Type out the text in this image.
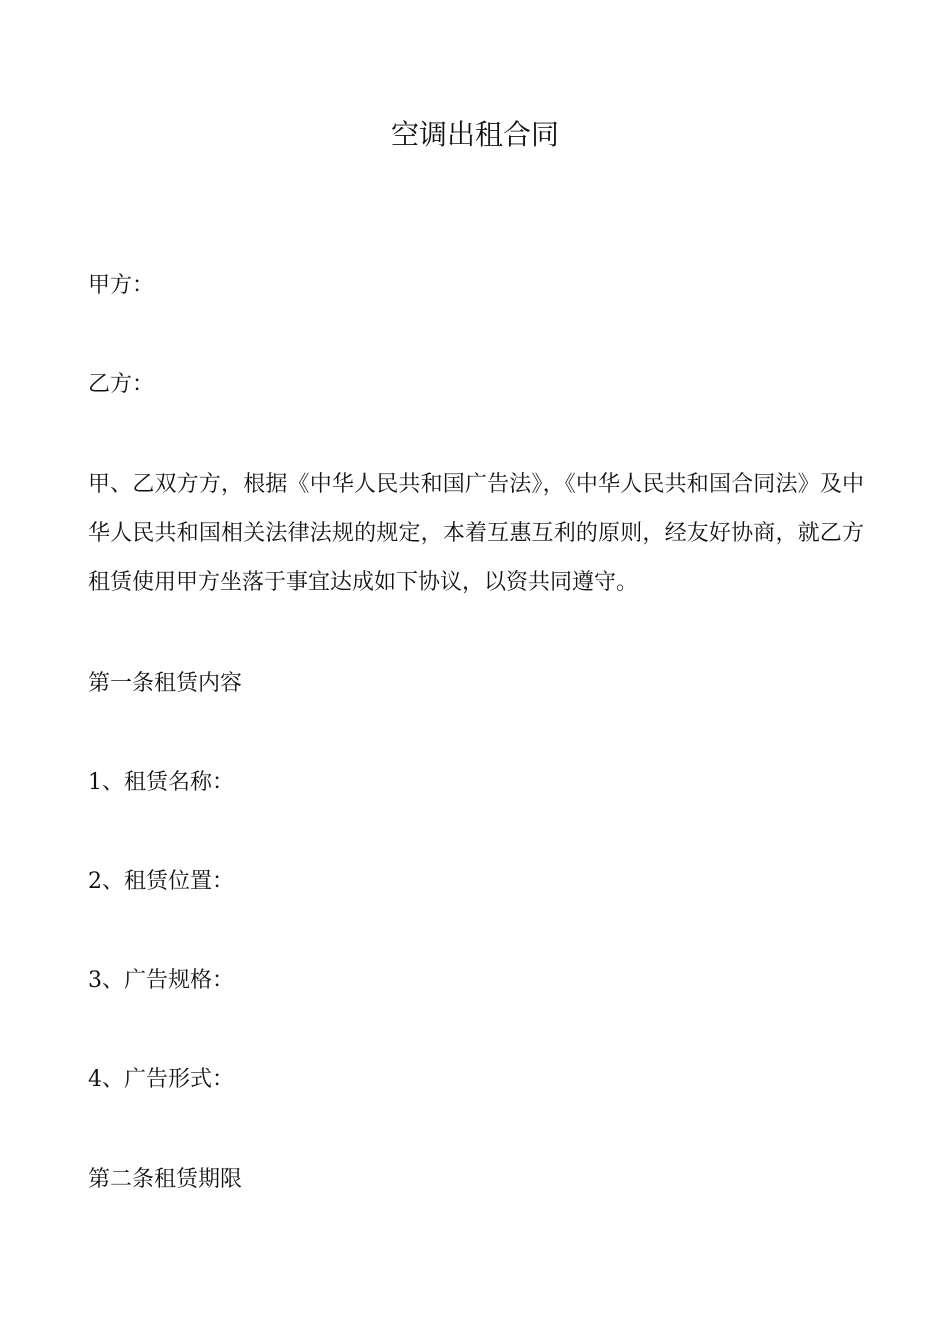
空调出租合同

甲方：

乙方：

甲、乙双方方，根据《中华人民共和国广告法》，《中华人民共和国合同法》及中华人民共和国相关法律法规的规定，本着互惠互利的原则，经友好协商，就乙方租赁使用甲方坐落于事宜达成如下协议，以资共同遵守。

第一条租赁内容

1、租赁名称：

2、租赁位置：

3、广告规格：

4、广告形式：

第二条租赁期限
